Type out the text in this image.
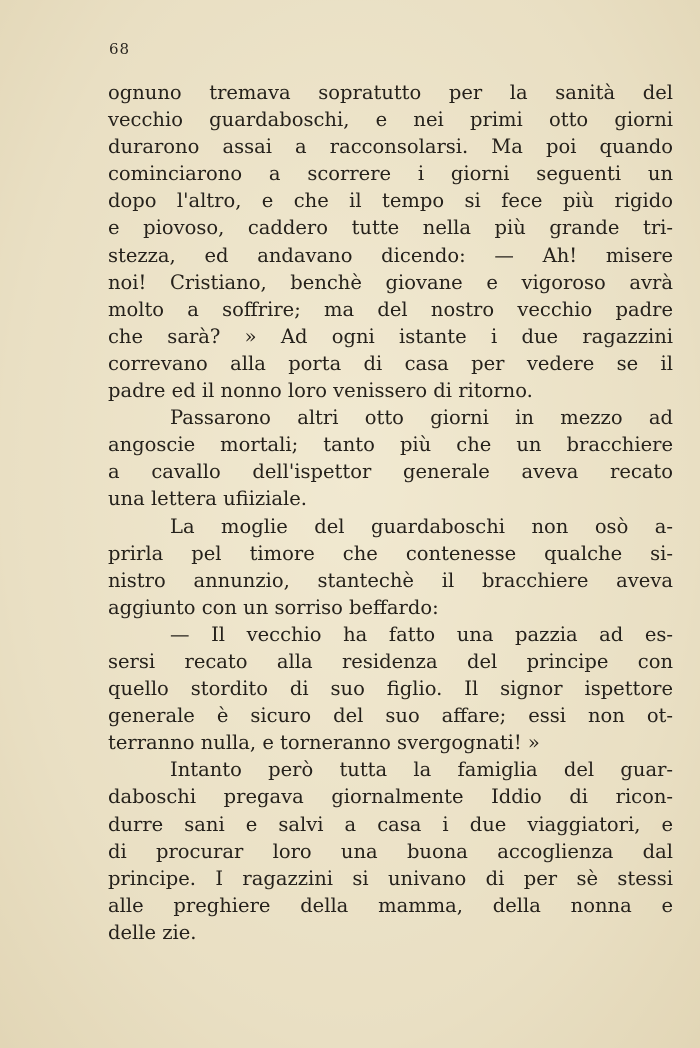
68
ognuno tremava sopratutto per la sanità del
vecchio guardaboschi, e nei primi otto giorni
durarono assai a racconsolarsi. Ma poi quando
cominciarono a scorrere i giorni seguenti un
dopo l'altro, e che il tempo si fece più rigido
e piovoso, caddero tutte nella più grande tri-
stezza, ed andavano dicendo: — Ah! misere
noi! Cristiano, benchè giovane e vigoroso avrà
molto a soffrire; ma del nostro vecchio padre
che sarà? » Ad ogni istante i due ragazzini
correvano alla porta di casa per vedere se il
padre ed il nonno loro venissero di ritorno.
Passarono altri otto giorni in mezzo ad
angoscie mortali; tanto più che un bracchiere
a cavallo dell'ispettor generale aveva recato
una lettera ufiiziale.
La moglie del guardaboschi non osò a-
prirla pel timore che contenesse qualche si-
nistro annunzio, stantechè il bracchiere aveva
aggiunto con un sorriso beffardo:
— Il vecchio ha fatto una pazzia ad es-
sersi recato alla residenza del principe con
quello stordito di suo figlio. Il signor ispettore
generale è sicuro del suo affare; essi non ot-
terranno nulla, e torneranno svergognati! »
Intanto però tutta la famiglia del guar-
daboschi pregava giornalmente Iddio di ricon-
durre sani e salvi a casa i due viaggiatori, e
di procurar loro una buona accoglienza dal
principe. I ragazzini si univano di per sè stessi
alle preghiere della mamma, della nonna e
delle zie.
